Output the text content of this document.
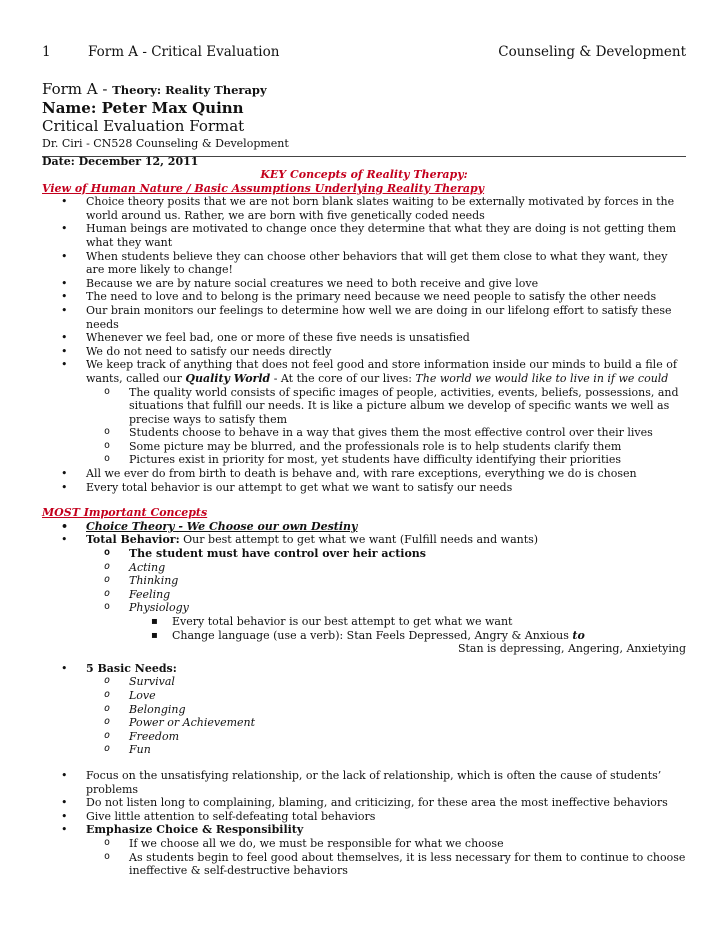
1	Form A - Critical Evaluation	Counseling & Development
Form A - Theory: Reality Therapy
Name: Peter Max Quinn
Critical Evaluation Format
Dr. Ciri - CN528 Counseling & Development
Date: December 12, 2011
KEY Concepts of Reality Therapy:
View of Human Nature / Basic Assumptions Underlying Reality Therapy
• Choice theory posits that we are not born blank slates waiting to be externally motivated by forces in the world around us. Rather, we are born with five genetically coded needs
• Human beings are motivated to change once they determine that what they are doing is not getting them what they want
• When students believe they can choose other behaviors that will get them close to what they want, they are more likely to change!
• Because we are by nature social creatures we need to both receive and give love
• The need to love and to belong is the primary need because we need people to satisfy the other needs
• Our brain monitors our feelings to determine how well we are doing in our lifelong effort to satisfy these needs
• Whenever we feel bad, one or more of these five needs is unsatisfied
• We do not need to satisfy our needs directly
• We keep track of anything that does not feel good and store information inside our minds to build a file of wants, called our Quality World - At the core of our lives: The world we would like to live in if we could
o The quality world consists of specific images of people, activities, events, beliefs, possessions, and situations that fulfill our needs. It is like a picture album we develop of specific wants we well as precise ways to satisfy them
o Students choose to behave in a way that gives them the most effective control over their lives
o Some picture may be blurred, and the professionals role is to help students clarify them
o Pictures exist in priority for most, yet students have difficulty identifying their priorities
• All we ever do from birth to death is behave and, with rare exceptions, everything we do is chosen
• Every total behavior is our attempt to get what we want to satisfy our needs
MOST Important Concepts
• Choice Theory - We Choose our own Destiny
• Total Behavior: Our best attempt to get what we want (Fulfill needs and wants)
o The student must have control over heir actions
o Acting
o Thinking
o Feeling
o Physiology
▪ Every total behavior is our best attempt to get what we want
▪ Change language (use a verb): Stan Feels Depressed, Angry & Anxious to
Stan is depressing, Angering, Anxietying
• 5 Basic Needs:
o Survival
o Love
o Belonging
o Power or Achievement
o Freedom
o Fun
• Focus on the unsatisfying relationship, or the lack of relationship, which is often the cause of students’ problems
• Do not listen long to complaining, blaming, and criticizing, for these area the most ineffective behaviors
• Give little attention to self-defeating total behaviors
• Emphasize Choice & Responsibility
o If we choose all we do, we must be responsible for what we choose
o As students begin to feel good about themselves, it is less necessary for them to continue to choose ineffective & self-destructive behaviors
